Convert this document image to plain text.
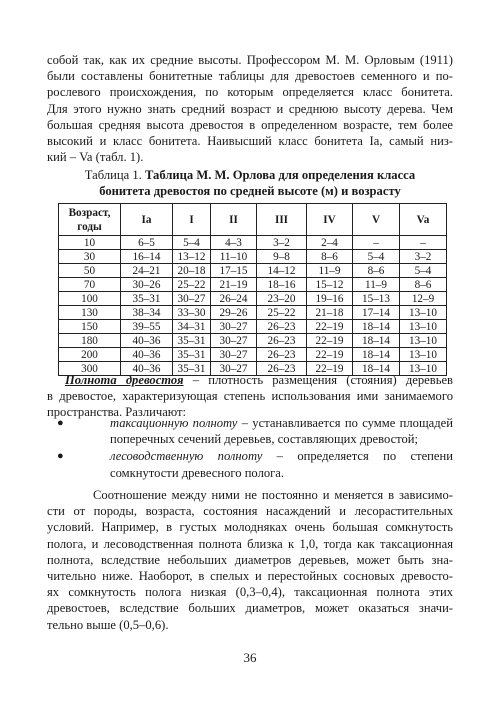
собой так, как их средние высоты. Профессором М. М. Орловым (1911)
были составлены бонитетные таблицы для древостоев семенного и по-
рослевого происхождения, по которым определяется класс бонитета.
Для этого нужно знать средний возраст и среднюю высоту дерева. Чем
большая средняя высота древостоя в определенном возрасте, тем более
высокий и класс бонитета. Наивысший класс бонитета Ia, самый низ-
кий – Va (табл. 1).

Таблица 1. Таблица М. М. Орлова для определения класса
бонитета древостоя по средней высоте (м) и возрасту
Возраст,
годы	Ia	I	II	III	IV	V	Va
10	6–5	5–4	4–3	3–2	2–4	–	–
30	16–14	13–12	11–10	9–8	8–6	5–4	3–2
50	24–21	20–18	17–15	14–12	11–9	8–6	5–4
70	30–26	25–22	21–19	18–16	15–12	11–9	8–6
100	35–31	30–27	26–24	23–20	19–16	15–13	12–9
130	38–34	33–30	29–26	25–22	21–18	17–14	13–10
150	39–55	34–31	30–27	26–23	22–19	18–14	13–10
180	40–36	35–31	30–27	26–23	22–19	18–14	13–10
200	40–36	35–31	30–27	26–23	22–19	18–14	13–10
300	40–36	35–31	30–27	26–23	22–19	18–14	13–10

Полнота древостоя – плотность размещения (стояния) деревьев
в древостое, характеризующая степень использования ими занимаемого
пространства. Различают:

●	таксационную полноту – устанавливается по сумме площадей поперечных сечений деревьев, составляющих древостой;
●	лесоводственную полноту – определяется по степени сомкнутости древесного полога.

Соотношение между ними не постоянно и меняется в зависимо-
сти от породы, возраста, состояния насаждений и лесорастительных
условий. Например, в густых молодняках очень большая сомкнутость
полога, и лесоводственная полнота близка к 1,0, тогда как таксационная
полнота, вследствие небольших диаметров деревьев, может быть зна-
чительно ниже. Наоборот, в спелых и перестойных сосновых древосто-
ях сомкнутость полога низкая (0,3–0,4), таксационная полнота этих
древостоев, вследствие больших диаметров, может оказаться значи-
тельно выше (0,5–0,6).

36
